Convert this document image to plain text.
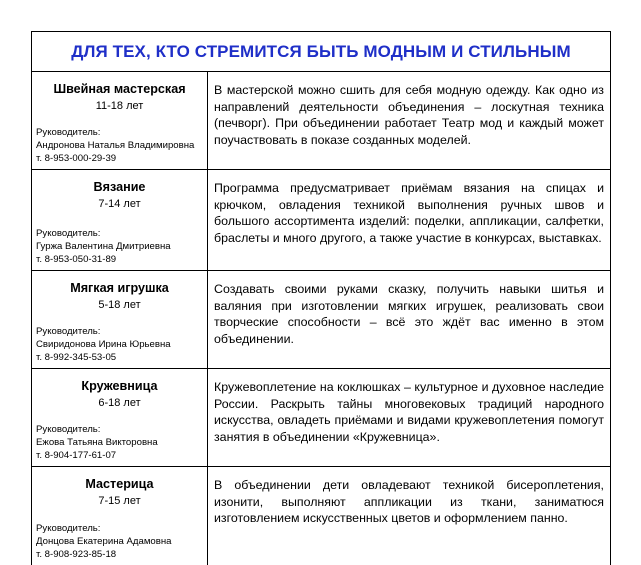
ДЛЯ ТЕХ, КТО СТРЕМИТСЯ БЫТЬ МОДНЫМ И СТИЛЬНЫМ
Швейная мастерская
11-18 лет
Руководитель:
Андронова Наталья Владимировна
т. 8-953-000-29-39
В мастерской можно сшить для себя модную одежду. Как одно из направлений деятельности объединения – лоскутная техника (печворг). При объединении работает Театр мод и каждый может поучаствовать в показе созданных моделей.
Вязание
7-14 лет
Руководитель:
Гуржа Валентина Дмитриевна
т. 8-953-050-31-89
Программа предусматривает приёмам вязания на спицах и крючком, овладения техникой выполнения ручных швов и большого ассортимента изделий: поделки, аппликации, салфетки, браслеты и много другого, а также участие в конкурсах, выставках.
Мягкая игрушка
5-18 лет
Руководитель:
Свиридонова Ирина Юрьевна
т. 8-992-345-53-05
Создавать своими руками сказку, получить навыки шитья и валяния при изготовлении мягких игрушек, реализовать свои творческие способности – всё это ждёт вас именно в этом объединении.
Кружевница
6-18 лет
Руководитель:
Ежова Татьяна Викторовна
т. 8-904-177-61-07
Кружевоплетение на коклюшках – культурное и духовное наследие России. Раскрыть тайны многовековых традиций народного искусства, овладеть приёмами и видами кружевоплетения помогут занятия в объединении «Кружевница».
Мастерица
7-15 лет
Руководитель:
Донцова Екатерина Адамовна
т. 8-908-923-85-18
В объединении дети овладевают техникой бисероплетения, изонити, выполняют аппликации из ткани, заниматюся изготовлением искусственных цветов и оформлением панно.
